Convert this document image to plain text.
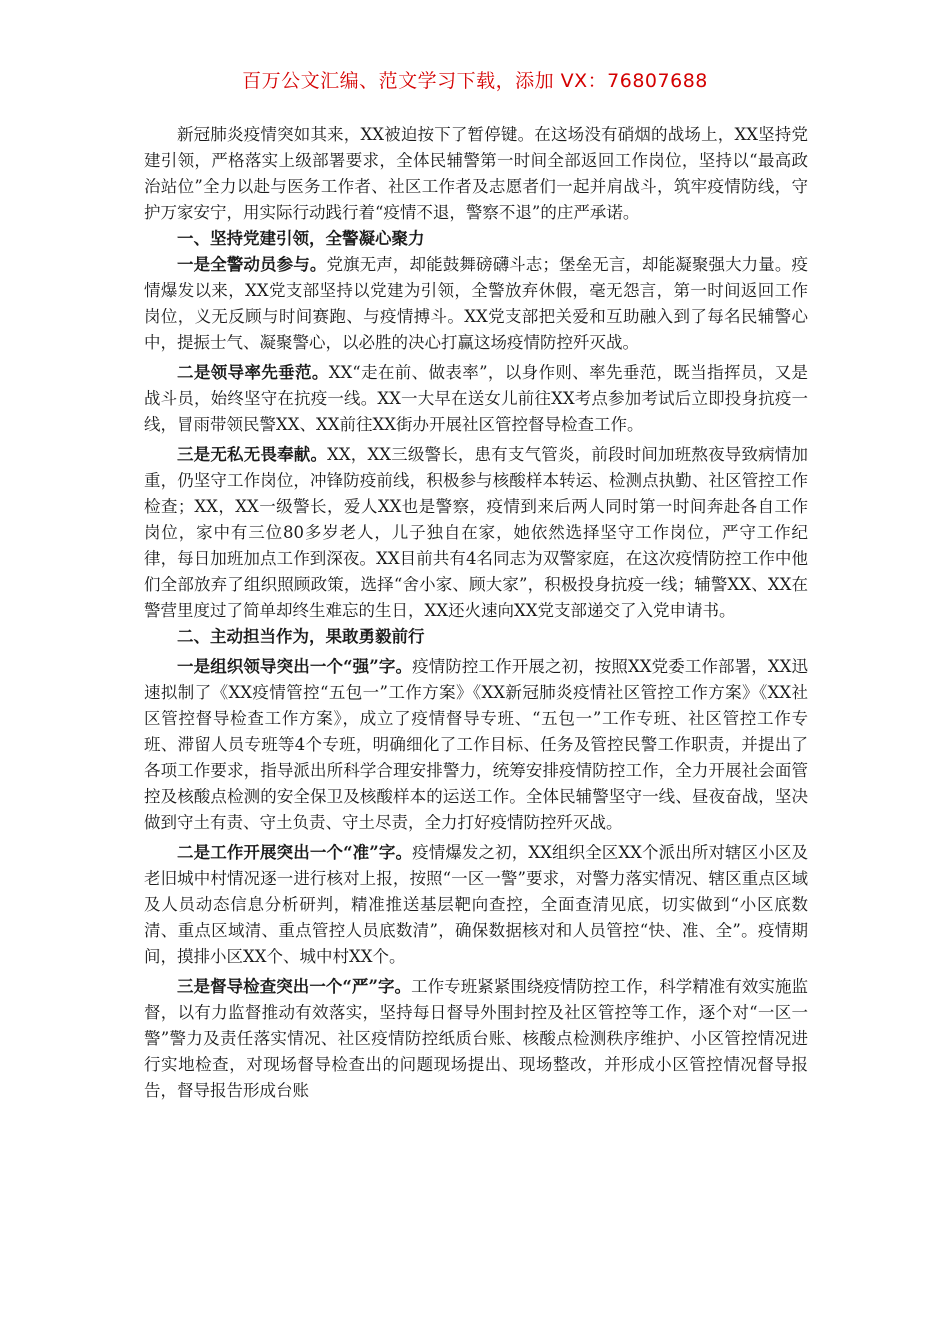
百万公文汇编、范文学习下载，添加 VX：76807688

新冠肺炎疫情突如其来，XX被迫按下了暂停键。在这场没有硝烟的战场上，XX坚持党建引领，严格落实上级部署要求，全体民辅警第一时间全部返回工作岗位，坚持以“最高政治站位”全力以赴与医务工作者、社区工作者及志愿者们一起并肩战斗，筑牢疫情防线，守护万家安宁，用实际行动践行着“疫情不退，警察不退”的庄严承诺。

一、坚持党建引领，全警凝心聚力

一是全警动员参与。党旗无声，却能鼓舞磅礴斗志；堡垒无言，却能凝聚强大力量。疫情爆发以来，XX党支部坚持以党建为引领，全警放弃休假，毫无怨言，第一时间返回工作岗位，义无反顾与时间赛跑、与疫情搏斗。XX党支部把关爱和互助融入到了每名民辅警心中，提振士气、凝聚警心，以必胜的决心打赢这场疫情防控歼灭战。

二是领导率先垂范。XX“走在前、做表率”，以身作则、率先垂范，既当指挥员，又是战斗员，始终坚守在抗疫一线。XX一大早在送女儿前往XX考点参加考试后立即投身抗疫一线，冒雨带领民警XX、XX前往XX街办开展社区管控督导检查工作。

三是无私无畏奉献。XX，XX三级警长，患有支气管炎，前段时间加班熬夜导致病情加重，仍坚守工作岗位，冲锋防疫前线，积极参与核酸样本转运、检测点执勤、社区管控工作检查；XX，XX一级警长，爱人XX也是警察，疫情到来后两人同时第一时间奔赴各自工作岗位，家中有三位80多岁老人，儿子独自在家，她依然选择坚守工作岗位，严守工作纪律，每日加班加点工作到深夜。XX目前共有4名同志为双警家庭，在这次疫情防控工作中他们全部放弃了组织照顾政策，选择“舍小家、顾大家”，积极投身抗疫一线；辅警XX、XX在警营里度过了简单却终生难忘的生日，XX还火速向XX党支部递交了入党申请书。

二、主动担当作为，果敢勇毅前行

一是组织领导突出一个“强”字。疫情防控工作开展之初，按照XX党委工作部署，XX迅速拟制了《XX疫情管控“五包一”工作方案》《XX新冠肺炎疫情社区管控工作方案》《XX社区管控督导检查工作方案》，成立了疫情督导专班、“五包一”工作专班、社区管控工作专班、滞留人员专班等4个专班，明确细化了工作目标、任务及管控民警工作职责，并提出了各项工作要求，指导派出所科学合理安排警力，统筹安排疫情防控工作，全力开展社会面管控及核酸点检测的安全保卫及核酸样本的运送工作。全体民辅警坚守一线、昼夜奋战，坚决做到守土有责、守土负责、守土尽责，全力打好疫情防控歼灭战。

二是工作开展突出一个“准”字。疫情爆发之初，XX组织全区XX个派出所对辖区小区及老旧城中村情况逐一进行核对上报，按照“一区一警”要求，对警力落实情况、辖区重点区域及人员动态信息分析研判，精准推送基层靶向查控，全面查清见底，切实做到“小区底数清、重点区域清、重点管控人员底数清”，确保数据核对和人员管控“快、准、全”。疫情期间，摸排小区XX个、城中村XX个。

三是督导检查突出一个“严”字。工作专班紧紧围绕疫情防控工作，科学精准有效实施监督，以有力监督推动有效落实，坚持每日督导外围封控及社区管控等工作，逐个对“一区一警”警力及责任落实情况、社区疫情防控纸质台账、核酸点检测秩序维护、小区管控情况进行实地检查，对现场督导检查出的问题现场提出、现场整改，并形成小区管控情况督导报告，督导报告形成台账
